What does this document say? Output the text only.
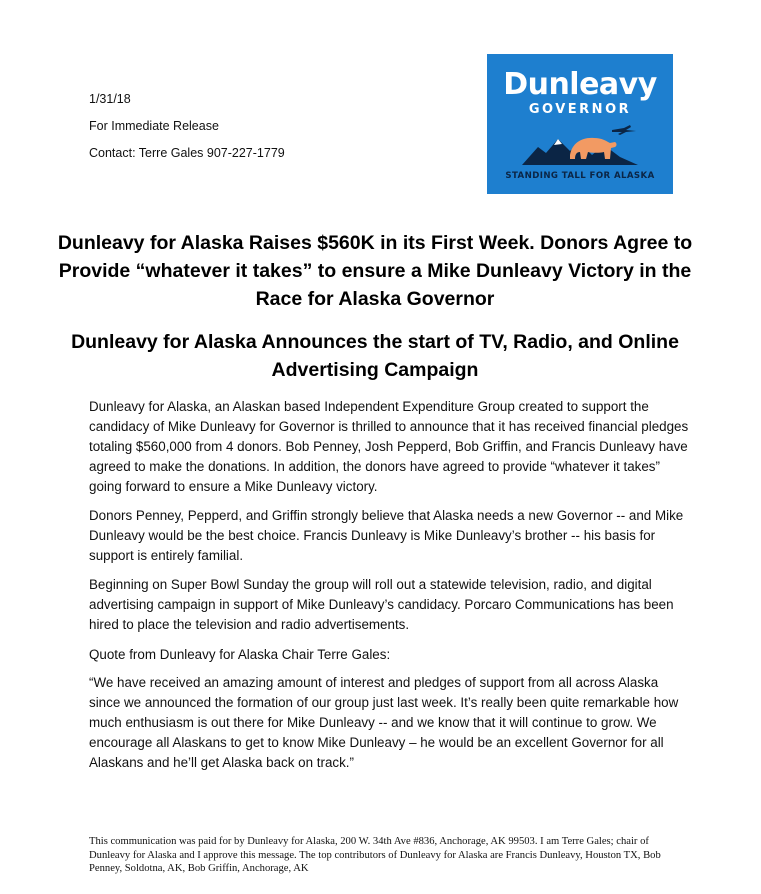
1/31/18
For Immediate Release
Contact: Terre Gales 907-227-1779
Dunleavy
GOVERNOR
STANDING TALL FOR ALASKA
Dunleavy for Alaska Raises $560K in its First Week. Donors Agree to Provide “whatever it takes” to ensure a Mike Dunleavy Victory in the Race for Alaska Governor
Dunleavy for Alaska Announces the start of TV, Radio, and Online Advertising Campaign

Dunleavy for Alaska, an Alaskan based Independent Expenditure Group created to support the candidacy of Mike Dunleavy for Governor is thrilled to announce that it has received financial pledges totaling $560,000 from 4 donors. Bob Penney, Josh Pepperd, Bob Griffin, and Francis Dunleavy have agreed to make the donations. In addition, the donors have agreed to provide “whatever it takes” going forward to ensure a Mike Dunleavy victory.

Donors Penney, Pepperd, and Griffin strongly believe that Alaska needs a new Governor -- and Mike Dunleavy would be the best choice. Francis Dunleavy is Mike Dunleavy’s brother -- his basis for support is entirely familial.

Beginning on Super Bowl Sunday the group will roll out a statewide television, radio, and digital advertising campaign in support of Mike Dunleavy’s candidacy. Porcaro Communications has been hired to place the television and radio advertisements.

Quote from Dunleavy for Alaska Chair Terre Gales:

“We have received an amazing amount of interest and pledges of support from all across Alaska since we announced the formation of our group just last week. It’s really been quite remarkable how much enthusiasm is out there for Mike Dunleavy -- and we know that it will continue to grow. We encourage all Alaskans to get to know Mike Dunleavy – he would be an excellent Governor for all Alaskans and he’ll get Alaska back on track.”

This communication was paid for by Dunleavy for Alaska, 200 W. 34th Ave #836, Anchorage, AK 99503. I am Terre Gales; chair of Dunleavy for Alaska and I approve this message. The top contributors of Dunleavy for Alaska are Francis Dunleavy, Houston TX, Bob Penney, Soldotna, AK, Bob Griffin, Anchorage, AK
